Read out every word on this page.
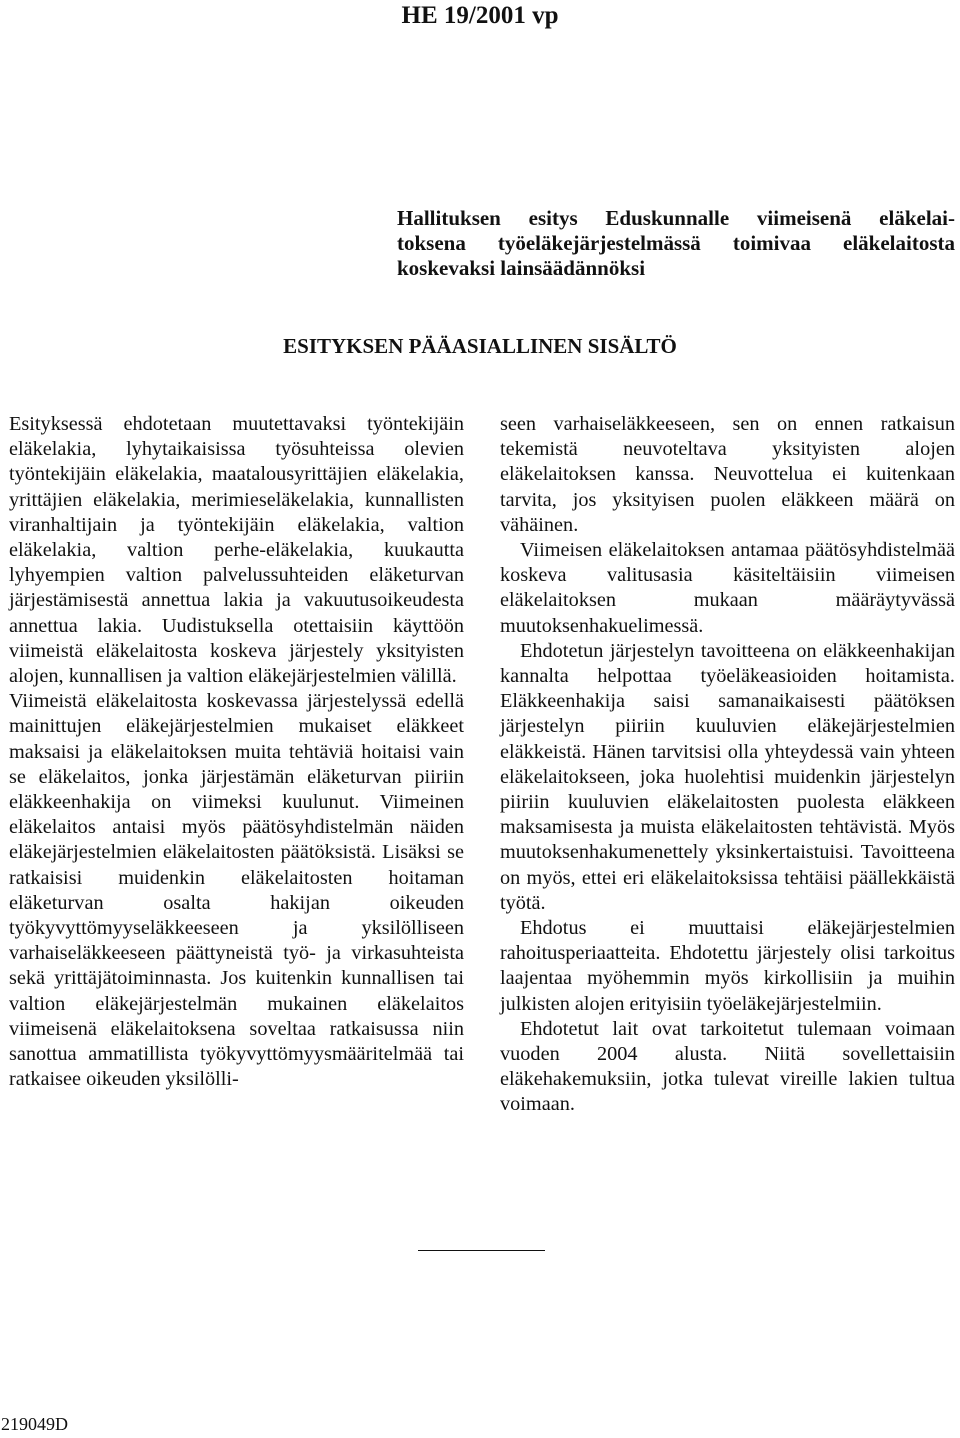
HE 19/2001 vp
Hallituksen esitys Eduskunnalle viimeisenä eläkelai-
toksena työeläkejärjestelmässä toimivaa eläkelaitosta
koskevaksi lainsäädännöksi
ESITYKSEN PÄÄASIALLINEN SISÄLTÖ

Esityksessä ehdotetaan muutettavaksi työntekijäin eläkelakia, lyhytaikaisissa työsuhteissa olevien työntekijäin eläkelakia, maatalousyrittäjien eläkelakia, yrittäjien eläkelakia, merimieseläkelakia, kunnallisten viranhaltijain ja työntekijäin eläkelakia, valtion eläkelakia, valtion perhe-eläkelakia, kuukautta lyhyempien valtion palvelussuhteiden eläketurvan järjestämisestä annettua lakia ja vakuutusoikeudesta annettua lakia. Uudistuksella otettaisiin käyttöön viimeistä eläkelaitosta koskeva järjestely yksityisten alojen, kunnallisen ja valtion eläkejärjestelmien välillä.

Viimeistä eläkelaitosta koskevassa järjestelyssä edellä mainittujen eläkejärjestelmien mukaiset eläkkeet maksaisi ja eläkelaitoksen muita tehtäviä hoitaisi vain se eläkelaitos, jonka järjestämän eläketurvan piiriin eläkkeenhakija on viimeksi kuulunut. Viimeinen eläkelaitos antaisi myös päätösyhdistelmän näiden eläkejärjestelmien eläkelaitosten päätöksistä. Lisäksi se ratkaisisi muidenkin eläkelaitosten hoitaman eläketurvan osalta hakijan oikeuden työkyvyttömyyseläkkeeseen ja yksilölliseen varhaiseläkkeeseen päättyneistä työ- ja virkasuhteista sekä yrittäjätoiminnasta. Jos kuitenkin kunnallisen tai valtion eläkejärjestelmän mukainen eläkelaitos viimeisenä eläkelaitoksena soveltaa ratkaisussa niin sanottua ammatillista työkyvyttömyysmääritelmää tai ratkaisee oikeuden yksilölli-

seen varhaiseläkkeeseen, sen on ennen ratkaisun tekemistä neuvoteltava yksityisten alojen eläkelaitoksen kanssa. Neuvottelua ei kuitenkaan tarvita, jos yksityisen puolen eläkkeen määrä on vähäinen.

Viimeisen eläkelaitoksen antamaa päätösyhdistelmää koskeva valitusasia käsiteltäisiin viimeisen eläkelaitoksen mukaan määräytyvässä muutoksenhakuelimessä.

Ehdotetun järjestelyn tavoitteena on eläkkeenhakijan kannalta helpottaa työeläkeasioiden hoitamista. Eläkkeenhakija saisi samanaikaisesti päätöksen järjestelyn piiriin kuuluvien eläkejärjestelmien eläkkeistä. Hänen tarvitsisi olla yhteydessä vain yhteen eläkelaitokseen, joka huolehtisi muidenkin järjestelyn piiriin kuuluvien eläkelaitosten puolesta eläkkeen maksamisesta ja muista eläkelaitosten tehtävistä. Myös muutoksenhakumenettely yksinkertaistuisi. Tavoitteena on myös, ettei eri eläkelaitoksissa tehtäisi päällekkäistä työtä.

Ehdotus ei muuttaisi eläkejärjestelmien rahoitusperiaatteita. Ehdotettu järjestely olisi tarkoitus laajentaa myöhemmin myös kirkollisiin ja muihin julkisten alojen erityisiin työeläkejärjestelmiin.

Ehdotetut lait ovat tarkoitetut tulemaan voimaan vuoden 2004 alusta. Niitä sovellettaisiin eläkehakemuksiin, jotka tulevat vireille lakien tultua voimaan.

219049D
